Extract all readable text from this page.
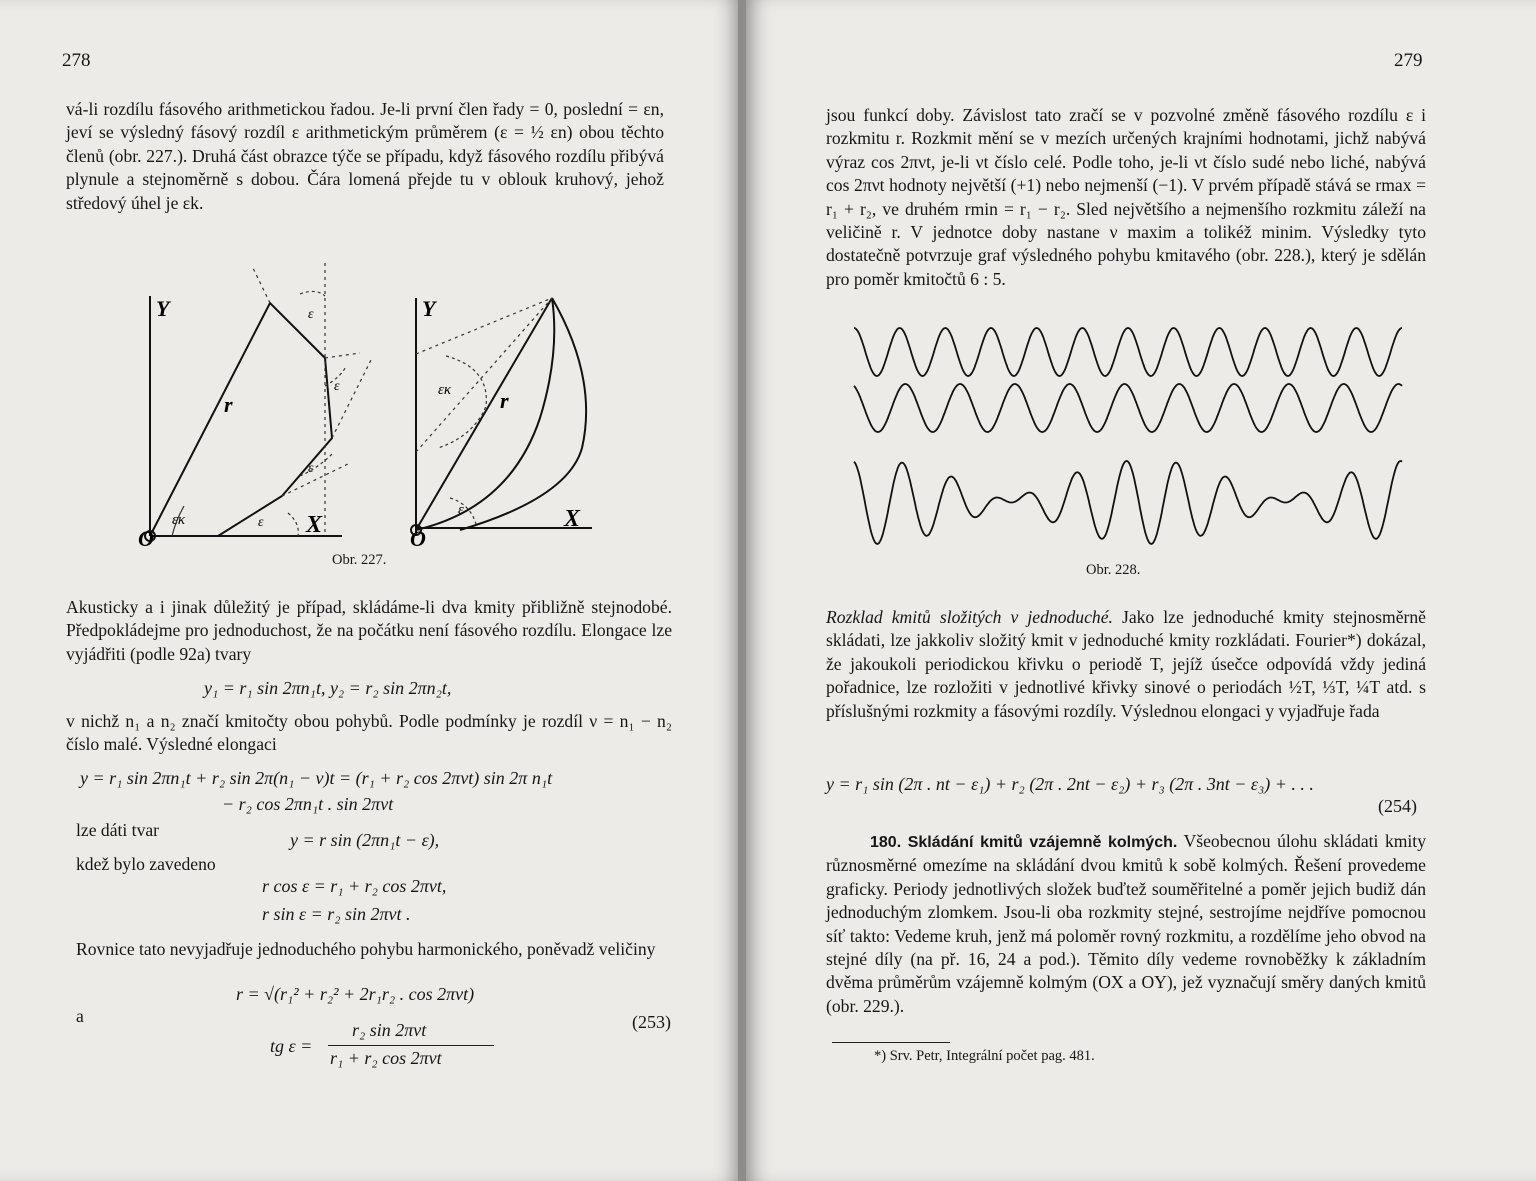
278

vá-li rozdílu fásového arithmetickou řadou. Je-li první člen řady = 0, poslední = εn, jeví se výsledný fásový rozdíl ε arithmetickým průměrem (ε = ½ εn) obou těchto členů (obr. 227.). Druhá část obrazce týče se případu, když fásového rozdílu přibývá plynule a stejnoměrně s dobou. Čára lomená přejde tu v oblouk kruhový, jehož středový úhel je εk.

Y
X
O
r
ε
ε
ε
ε
εκ
Y
X
O
r
εκ
ε
Obr. 227.

Akusticky a i jinak důležitý je případ, skládáme-li dva kmity přibližně stejnodobé. Předpokládejme pro jednoduchost, že na počátku není fásového rozdílu. Elongace lze vyjádřiti (podle 92a) tvary

y₁ = r₁ sin 2πn₁t, y₂ = r₂ sin 2πn₂t,

v nichž n₁ a n₂ značí kmitočty obou pohybů. Podle podmínky je rozdíl ν = n₁ − n₂ číslo malé. Výsledné elongaci

y = r₁ sin 2πn₁t + r₂ sin 2π(n₁ − ν)t = (r₁ + r₂ cos 2πνt) sin 2π n₁t
− r₂ cos 2πn₁t . sin 2πνt
lze dáti tvar	y = r sin (2πn₁t − ε),
kdež bylo zavedeno
r cos ε = r₁ + r₂ cos 2πνt,
r sin ε = r₂ sin 2πνt .

Rovnice tato nevyjadřuje jednoduchého pohybu harmonického, poněvadž veličiny

r = √(r₁² + r₂² + 2r₁r₂ . cos 2πνt)
a
tg ε =
r₂ sin 2πνt
r₁ + r₂ cos 2πνt
(253)
279

jsou funkcí doby. Závislost tato zračí se v pozvolné změně fásového rozdílu ε i rozkmitu r. Rozkmit mění se v mezích určených krajními hodnotami, jichž nabývá výraz cos 2πνt, je-li νt číslo celé. Podle toho, je-li νt číslo sudé nebo liché, nabývá cos 2πνt hodnoty největší (+1) nebo nejmenší (−1). V prvém případě stává se rmax = r₁ + r₂, ve druhém rmin = r₁ − r₂. Sled největšího a nejmenšího rozkmitu záleží na veličině r. V jednotce doby nastane ν maxim a tolikéž minim. Výsledky tyto dostatečně potvrzuje graf výsledného pohybu kmitavého (obr. 228.), který je sdělán pro poměr kmitočtů 6 : 5.

Obr. 228.

Rozklad kmitů složitých v jednoduché. Jako lze jednoduché kmity stejnosměrně skládati, lze jakkoliv složitý kmit v jednoduché kmity rozkládati. Fourier*) dokázal, že jakoukoli periodickou křivku o periodě T, jejíž úsečce odpovídá vždy jediná pořadnice, lze rozložiti v jednotlivé křivky sinové o periodách ½T, ⅓T, ¼T atd. s příslušnými rozkmity a fásovými rozdíly. Výslednou elongaci y vyjadřuje řada

y = r₁ sin (2π . nt − ε₁) + r₂ (2π . 2nt − ε₂) + r₃ (2π . 3nt − ε₃) + . . .
(254)

180. Skládání kmitů vzájemně kolmých. Všeobecnou úlohu skládati kmity různosměrné omezíme na skládání dvou kmitů k sobě kolmých. Řešení provedeme graficky. Periody jednotlivých složek buďtež souměřitelné a poměr jejich budiž dán jednoduchým zlomkem. Jsou-li oba rozkmity stejné, sestrojíme nejdříve pomocnou síť takto: Vedeme kruh, jenž má poloměr rovný rozkmitu, a rozdělíme jeho obvod na stejné díly (na př. 16, 24 a pod.). Těmito díly vedeme rovnoběžky k základním dvěma průměrům vzájemně kolmým (OX a OY), jež vyznačují směry daných kmitů (obr. 229.).

*) Srv. Petr, Integrální počet pag. 481.
